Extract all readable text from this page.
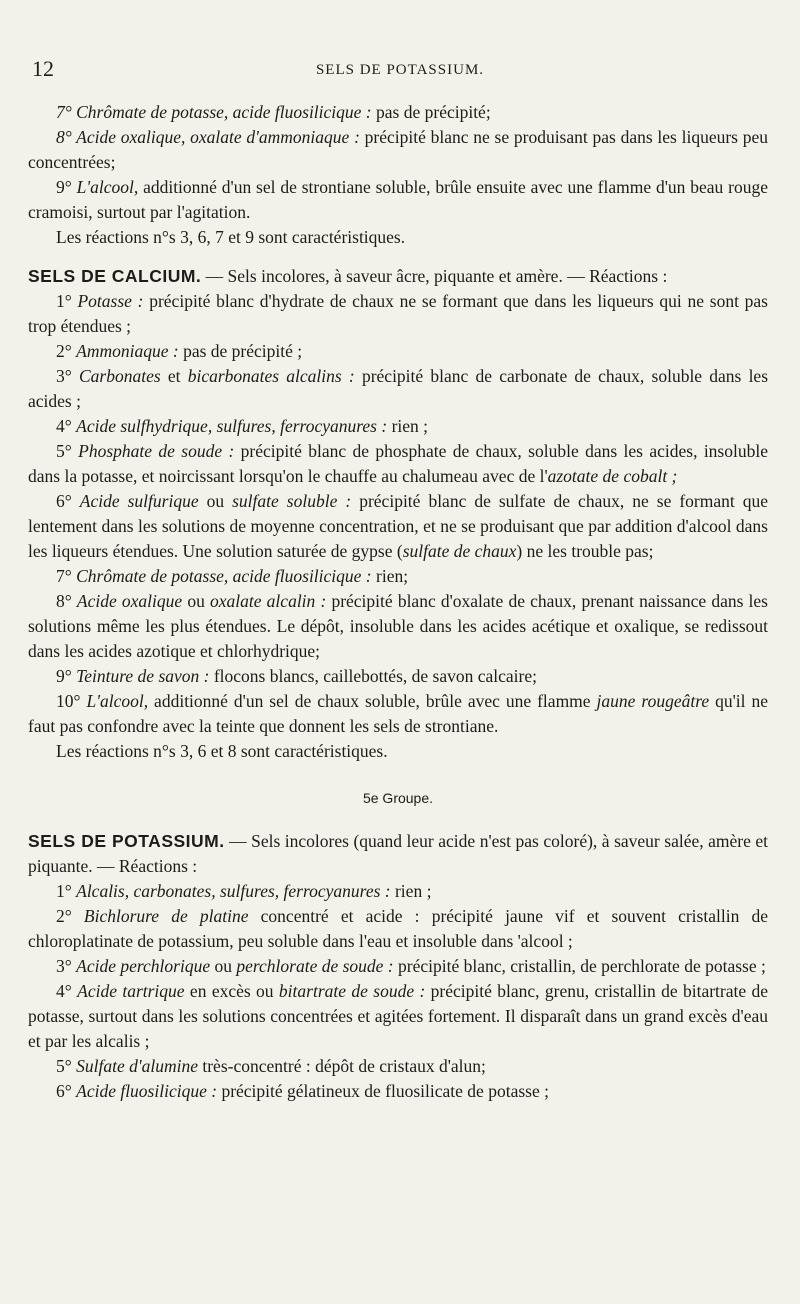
12	SELS DE POTASSIUM.

7° Chrômate de potasse, acide fluosilicique : pas de précipité;

8° Acide oxalique, oxalate d'ammoniaque : précipité blanc ne se produisant pas dans les liqueurs peu concentrées;

9° L'alcool, additionné d'un sel de strontiane soluble, brûle ensuite avec une flamme d'un beau rouge cramoisi, surtout par l'agitation.

Les réactions n°s 3, 6, 7 et 9 sont caractéristiques.

SELS DE CALCIUM. — Sels incolores, à saveur âcre, piquante et amère. — Réactions :

1° Potasse : précipité blanc d'hydrate de chaux ne se formant que dans les liqueurs qui ne sont pas trop étendues ;

2° Ammoniaque : pas de précipité ;

3° Carbonates et bicarbonates alcalins : précipité blanc de carbonate de chaux, soluble dans les acides ;

4° Acide sulfhydrique, sulfures, ferrocyanures : rien ;

5° Phosphate de soude : précipité blanc de phosphate de chaux, soluble dans les acides, insoluble dans la potasse, et noircissant lorsqu'on le chauffe au chalumeau avec de l'azotate de cobalt ;

6° Acide sulfurique ou sulfate soluble : précipité blanc de sulfate de chaux, ne se formant que lentement dans les solutions de moyenne concentration, et ne se produisant que par addition d'alcool dans les liqueurs étendues. Une solution saturée de gypse (sulfate de chaux) ne les trouble pas;

7° Chrômate de potasse, acide fluosilicique : rien;

8° Acide oxalique ou oxalate alcalin : précipité blanc d'oxalate de chaux, prenant naissance dans les solutions même les plus étendues. Le dépôt, insoluble dans les acides acétique et oxalique, se redissout dans les acides azotique et chlorhydrique;

9° Teinture de savon : flocons blancs, caillebottés, de savon calcaire;

10° L'alcool, additionné d'un sel de chaux soluble, brûle avec une flamme jaune rougeâtre qu'il ne faut pas confondre avec la teinte que donnent les sels de strontiane.

Les réactions n°s 3, 6 et 8 sont caractéristiques.

5e Groupe.

SELS DE POTASSIUM. — Sels incolores (quand leur acide n'est pas coloré), à saveur salée, amère et piquante. — Réactions :

1° Alcalis, carbonates, sulfures, ferrocyanures : rien ;

2° Bichlorure de platine concentré et acide : précipité jaune vif et souvent cristallin de chloroplatinate de potassium, peu soluble dans l'eau et insoluble dans 'alcool ;

3° Acide perchlorique ou perchlorate de soude : précipité blanc, cristallin, de perchlorate de potasse ;

4° Acide tartrique en excès ou bitartrate de soude : précipité blanc, grenu, cristallin de bitartrate de potasse, surtout dans les solutions concentrées et agitées fortement. Il disparaît dans un grand excès d'eau et par les alcalis ;

5° Sulfate d'alumine très-concentré : dépôt de cristaux d'alun;

6° Acide fluosilicique : précipité gélatineux de fluosilicate de potasse ;
